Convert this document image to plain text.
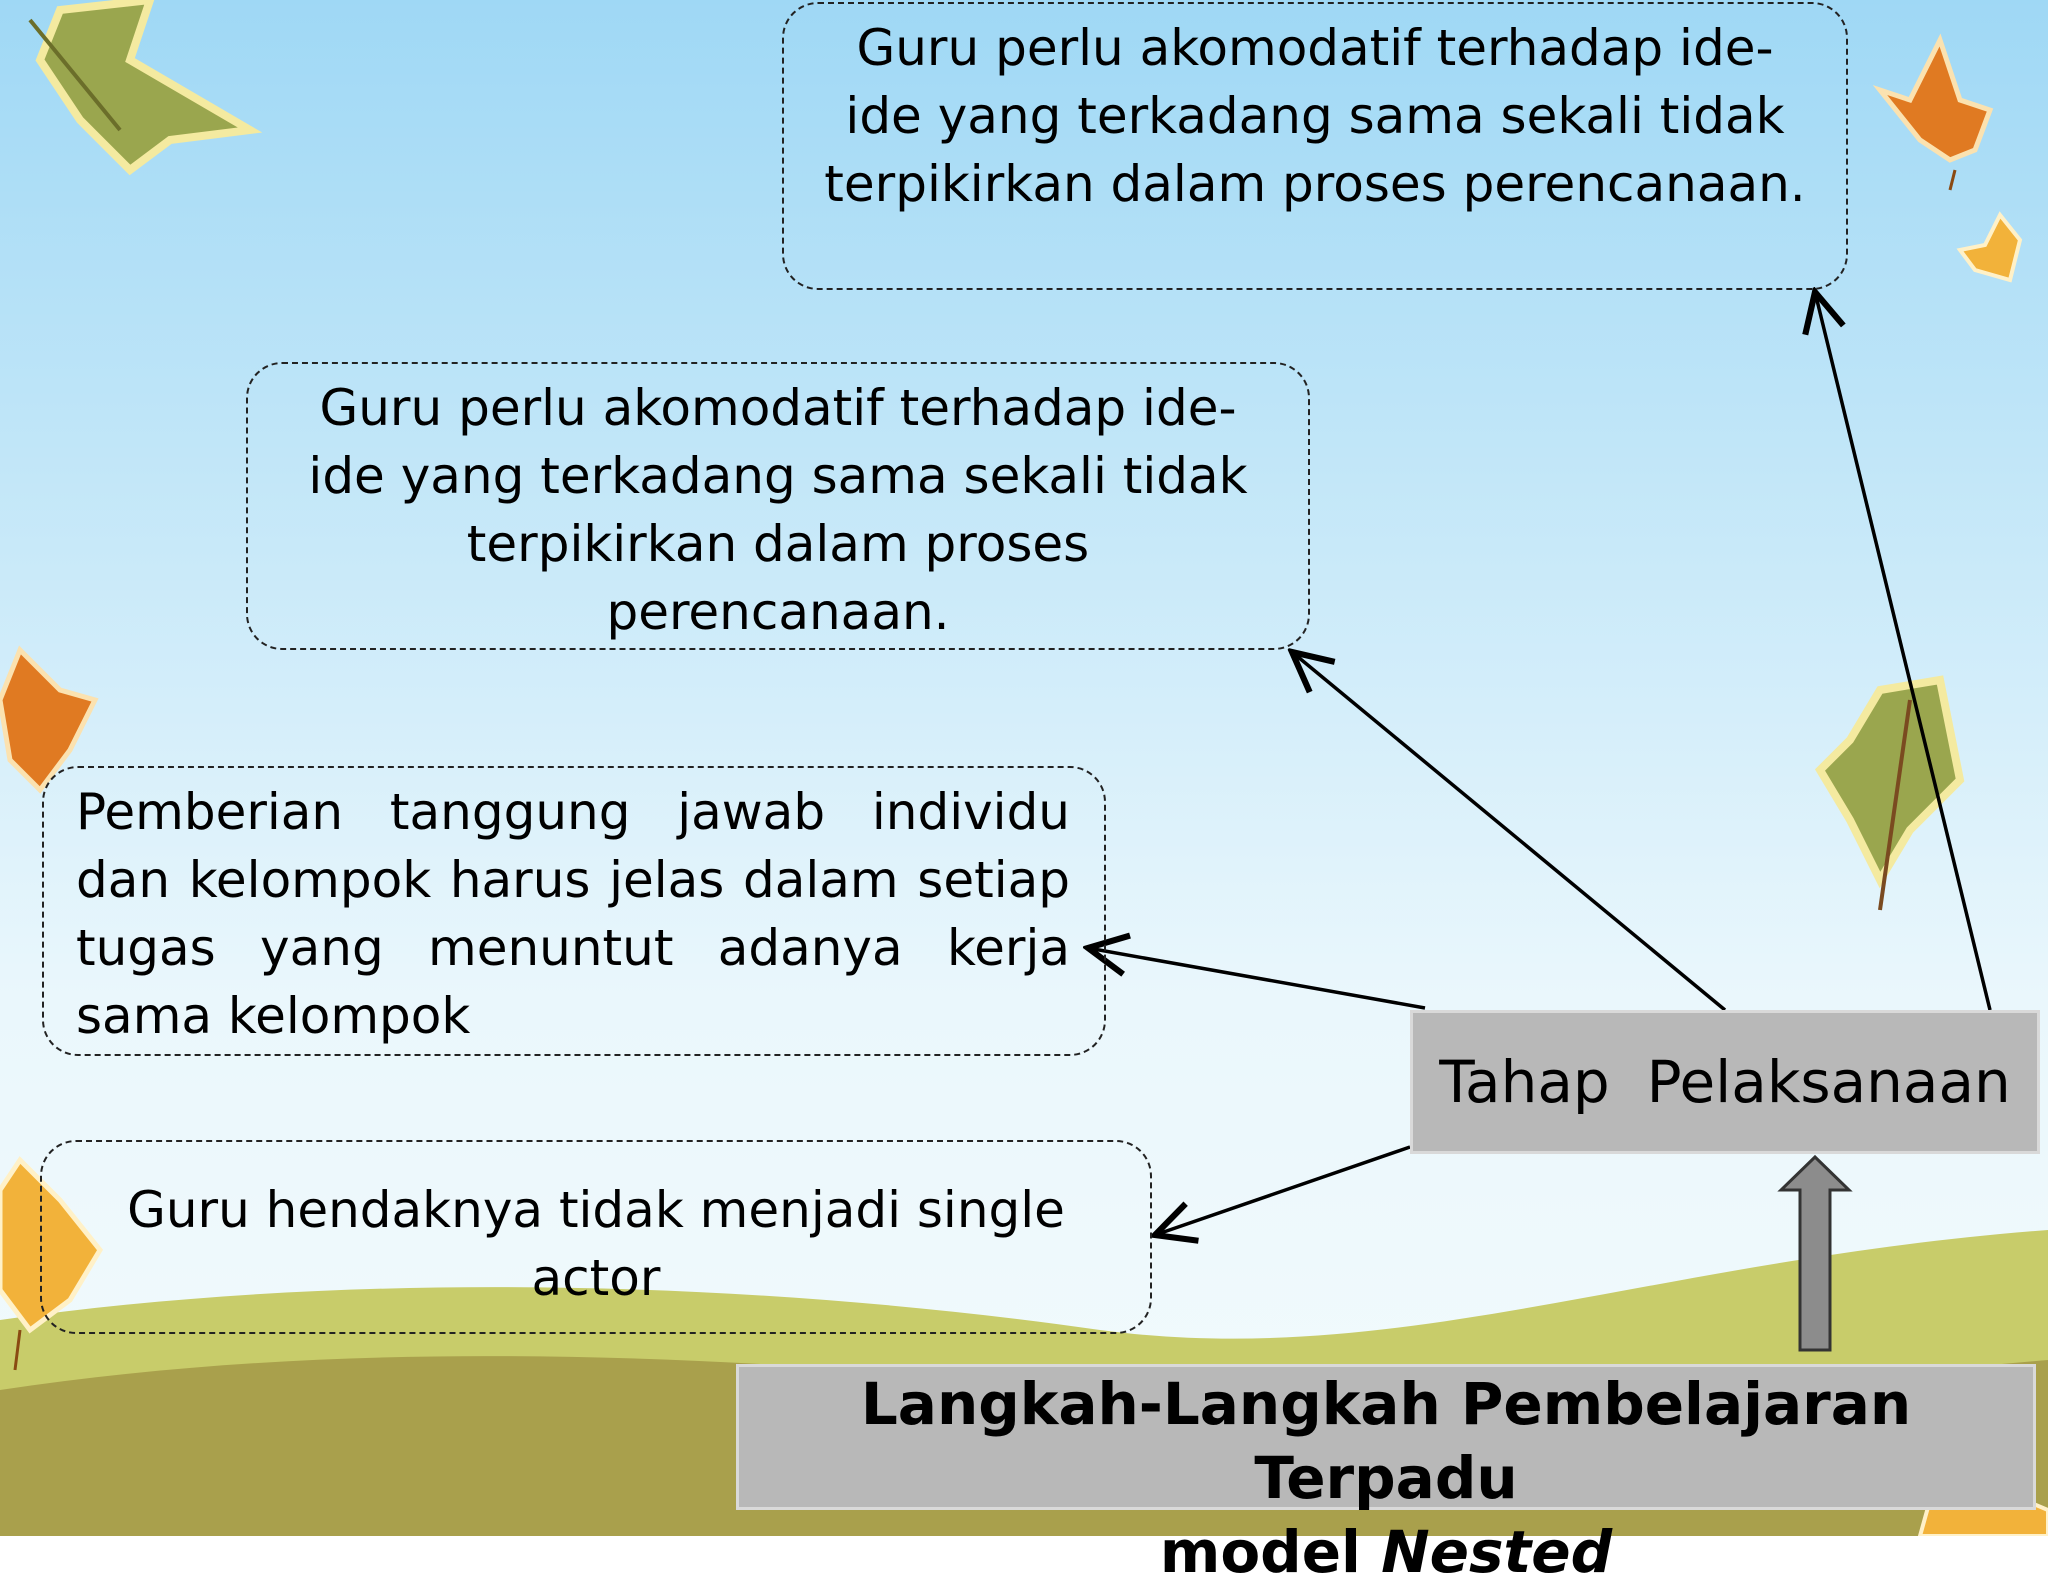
Guru perlu akomodatif terhadap ide-ide yang terkadang sama sekali tidak terpikirkan dalam proses perencanaan.
Guru perlu akomodatif terhadap ide-ide yang terkadang sama sekali tidak terpikirkan dalam proses perencanaan.
Pemberian tanggung jawab individu dan kelompok harus jelas dalam setiap tugas yang menuntut adanya kerja sama kelompok
Guru hendaknya tidak menjadi single actor
Tahap  Pelaksanaan
Langkah-Langkah Pembelajaran Terpadu
model Nested
